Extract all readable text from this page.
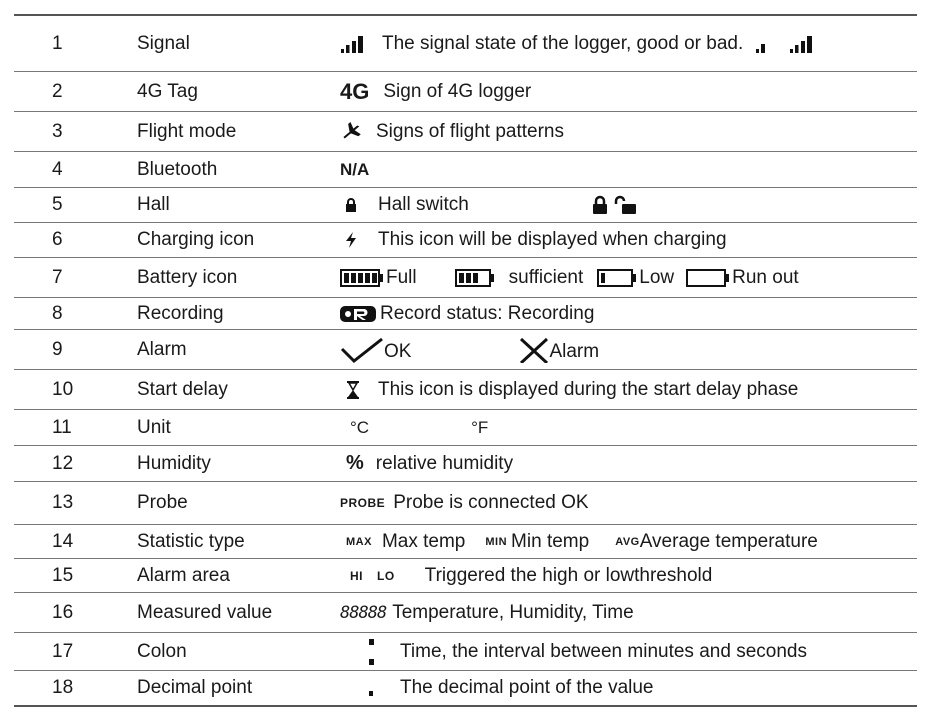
1	Signal	The signal state of the logger, good or bad.
2	4G Tag	4G Sign of 4G logger
3	Flight mode	Signs of flight patterns
4	Bluetooth	N/A
5	Hall	Hall switch
6	Charging icon	This icon will be displayed when charging
7	Battery icon	Full	sufficient	Low	Run out
8	Recording	Record status: Recording
9	Alarm	OK	Alarm
10	Start delay	This icon is displayed during the start delay phase
11	Unit	°C	°F
12	Humidity	% relative humidity
13	Probe	PROBE Probe is connected OK
14	Statistic type	MAX Max temp MIN Min temp AVG Average temperature
15	Alarm area	HI LO Triggered the high or lowthreshold
16	Measured value	88888 Temperature, Humidity, Time
17	Colon	Time, the interval between minutes and seconds
18	Decimal point	The decimal point of the value
